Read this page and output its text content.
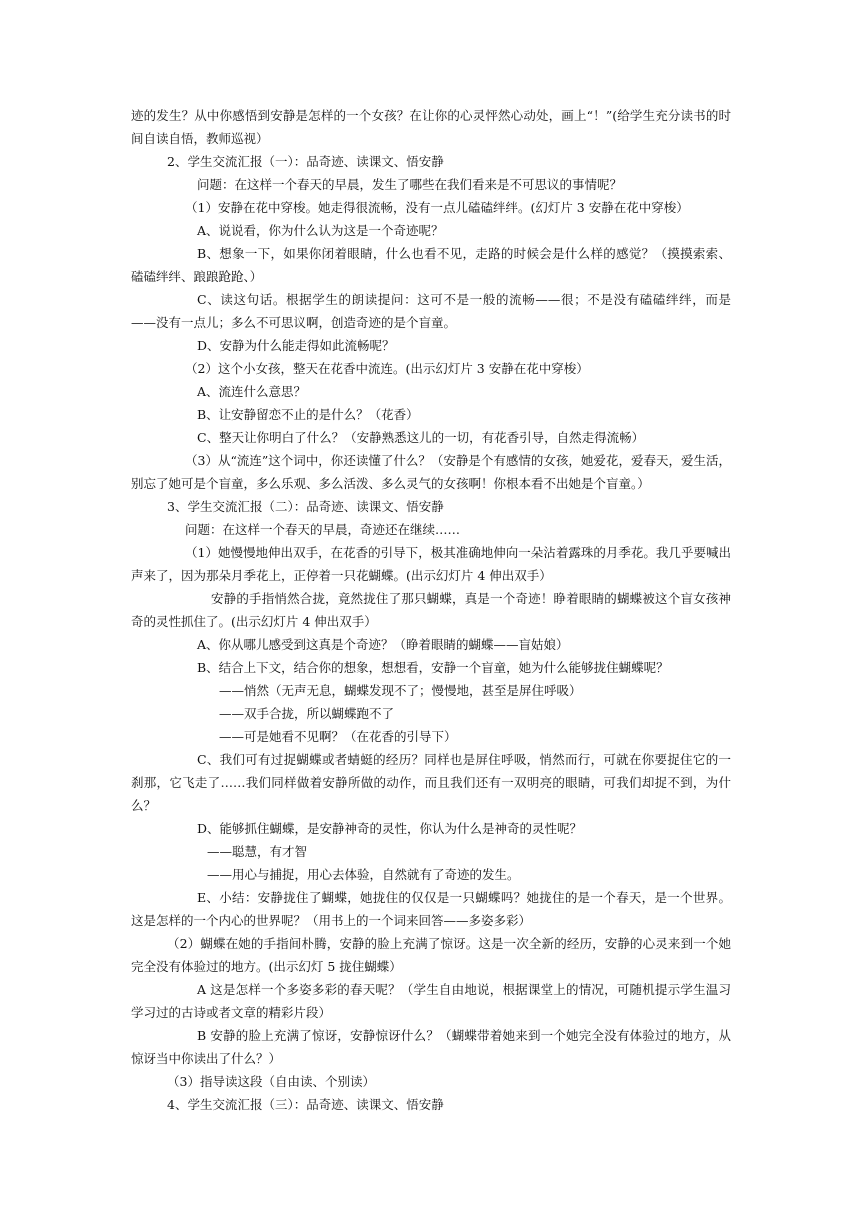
迹的发生？从中你感悟到安静是怎样的一个女孩？在让你的心灵怦然心动处，画上“！”(给学生充分读书的时间自读自悟，教师巡视）

2、学生交流汇报（一）：品奇迹、读课文、悟安静

问题：在这样一个春天的早晨，发生了哪些在我们看来是不可思议的事情呢？

（1）安静在花中穿梭。她走得很流畅，没有一点儿磕磕绊绊。(幻灯片 3 安静在花中穿梭）

A、说说看，你为什么认为这是一个奇迹呢？

B、想象一下，如果你闭着眼睛，什么也看不见，走路的时候会是什么样的感觉？（摸摸索索、磕磕绊绊、踉踉跄跄、）

C、读这句话。根据学生的朗读提问：这可不是一般的流畅——很；不是没有磕磕绊绊，而是——没有一点儿；多么不可思议啊，创造奇迹的是个盲童。

D、安静为什么能走得如此流畅呢？

（2）这个小女孩，整天在花香中流连。(出示幻灯片 3 安静在花中穿梭）

A、流连什么意思？

B、让安静留恋不止的是什么？（花香）

C、整天让你明白了什么？（安静熟悉这儿的一切，有花香引导，自然走得流畅）

（3）从“流连”这个词中，你还读懂了什么？（安静是个有感情的女孩，她爱花，爱春天，爱生活，别忘了她可是个盲童，多么乐观、多么活泼、多么灵气的女孩啊！你根本看不出她是个盲童。）

3、学生交流汇报（二）：品奇迹、读课文、悟安静

问题：在这样一个春天的早晨，奇迹还在继续……

（1）她慢慢地伸出双手，在花香的引导下，极其准确地伸向一朵沾着露珠的月季花。我几乎要喊出声来了，因为那朵月季花上，正停着一只花蝴蝶。(出示幻灯片 4 伸出双手）

安静的手指悄然合拢，竟然拢住了那只蝴蝶，真是一个奇迹！睁着眼睛的蝴蝶被这个盲女孩神奇的灵性抓住了。(出示幻灯片 4 伸出双手）

A、你从哪儿感受到这真是个奇迹？（睁着眼睛的蝴蝶——盲姑娘）

B、结合上下文，结合你的想象，想想看，安静一个盲童，她为什么能够拢住蝴蝶呢？

——悄然（无声无息，蝴蝶发现不了；慢慢地，甚至是屏住呼吸）

——双手合拢，所以蝴蝶跑不了

——可是她看不见啊？（在花香的引导下）

C、我们可有过捉蝴蝶或者蜻蜓的经历？同样也是屏住呼吸，悄然而行，可就在你要捉住它的一刹那，它飞走了……我们同样做着安静所做的动作，而且我们还有一双明亮的眼睛，可我们却捉不到，为什么？

D、能够抓住蝴蝶，是安静神奇的灵性，你认为什么是神奇的灵性呢？

——聪慧，有才智

——用心与捕捉，用心去体验，自然就有了奇迹的发生。

E、小结：安静拢住了蝴蝶，她拢住的仅仅是一只蝴蝶吗？她拢住的是一个春天，是一个世界。这是怎样的一个内心的世界呢？（用书上的一个词来回答——多姿多彩）

（2）蝴蝶在她的手指间朴腾，安静的脸上充满了惊讶。这是一次全新的经历，安静的心灵来到一个她完全没有体验过的地方。(出示幻灯 5 拢住蝴蝶）

A 这是怎样一个多姿多彩的春天呢？（学生自由地说，根据课堂上的情况，可随机提示学生温习学习过的古诗或者文章的精彩片段）

B 安静的脸上充满了惊讶，安静惊讶什么？（蝴蝶带着她来到一个她完全没有体验过的地方，从惊讶当中你读出了什么？）

（3）指导读这段（自由读、个别读）

4、学生交流汇报（三）：品奇迹、读课文、悟安静
